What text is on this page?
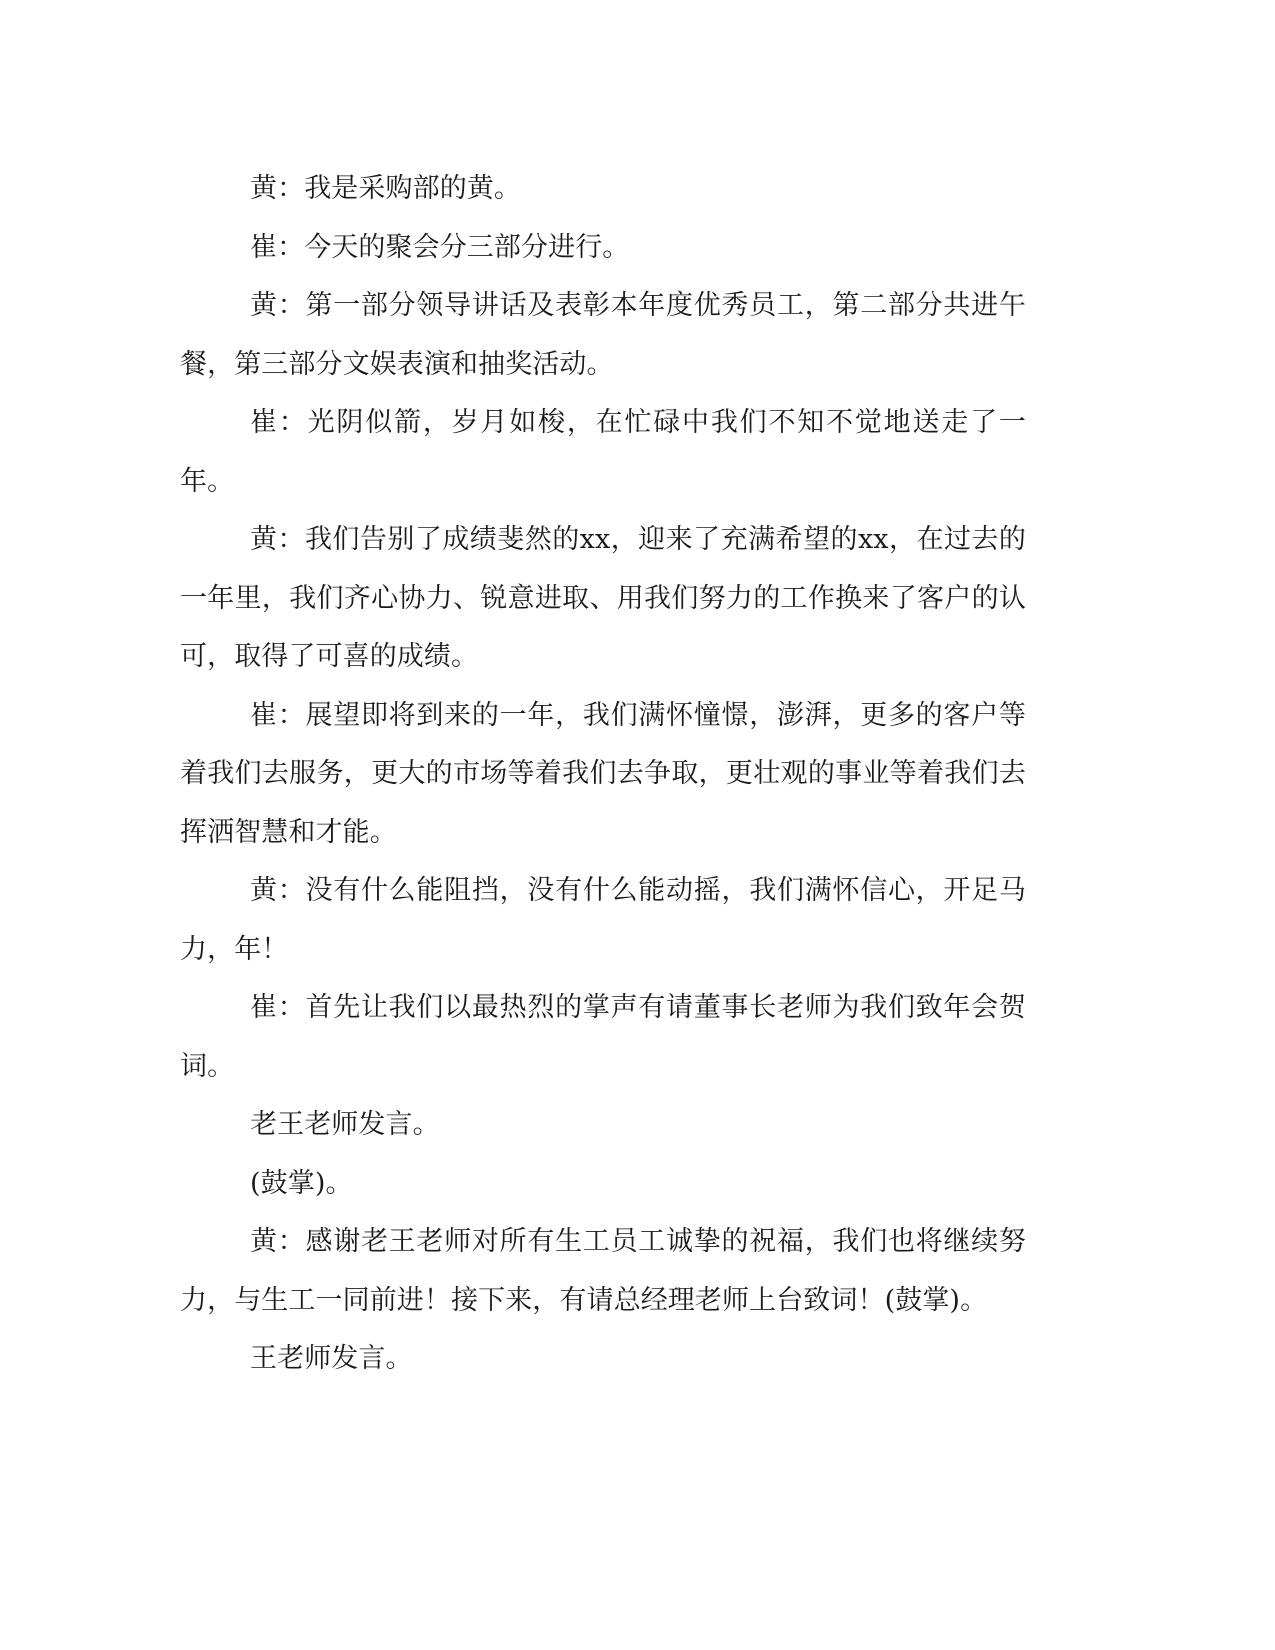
黄：我是采购部的黄。

崔：今天的聚会分三部分进行。

黄：第一部分领导讲话及表彰本年度优秀员工，第二部分共进午餐，第三部分文娱表演和抽奖活动。

崔：光阴似箭，岁月如梭，在忙碌中我们不知不觉地送走了一年。

黄：我们告别了成绩斐然的xx，迎来了充满希望的xx，在过去的一年里，我们齐心协力、锐意进取、用我们努力的工作换来了客户的认可，取得了可喜的成绩。

崔：展望即将到来的一年，我们满怀憧憬，澎湃，更多的客户等着我们去服务，更大的市场等着我们去争取，更壮观的事业等着我们去挥洒智慧和才能。

黄：没有什么能阻挡，没有什么能动摇，我们满怀信心，开足马力，年！

崔：首先让我们以最热烈的掌声有请董事长老师为我们致年会贺词。

老王老师发言。

(鼓掌)。

黄：感谢老王老师对所有生工员工诚挚的祝福，我们也将继续努力，与生工一同前进！接下来，有请总经理老师上台致词！(鼓掌)。

王老师发言。
